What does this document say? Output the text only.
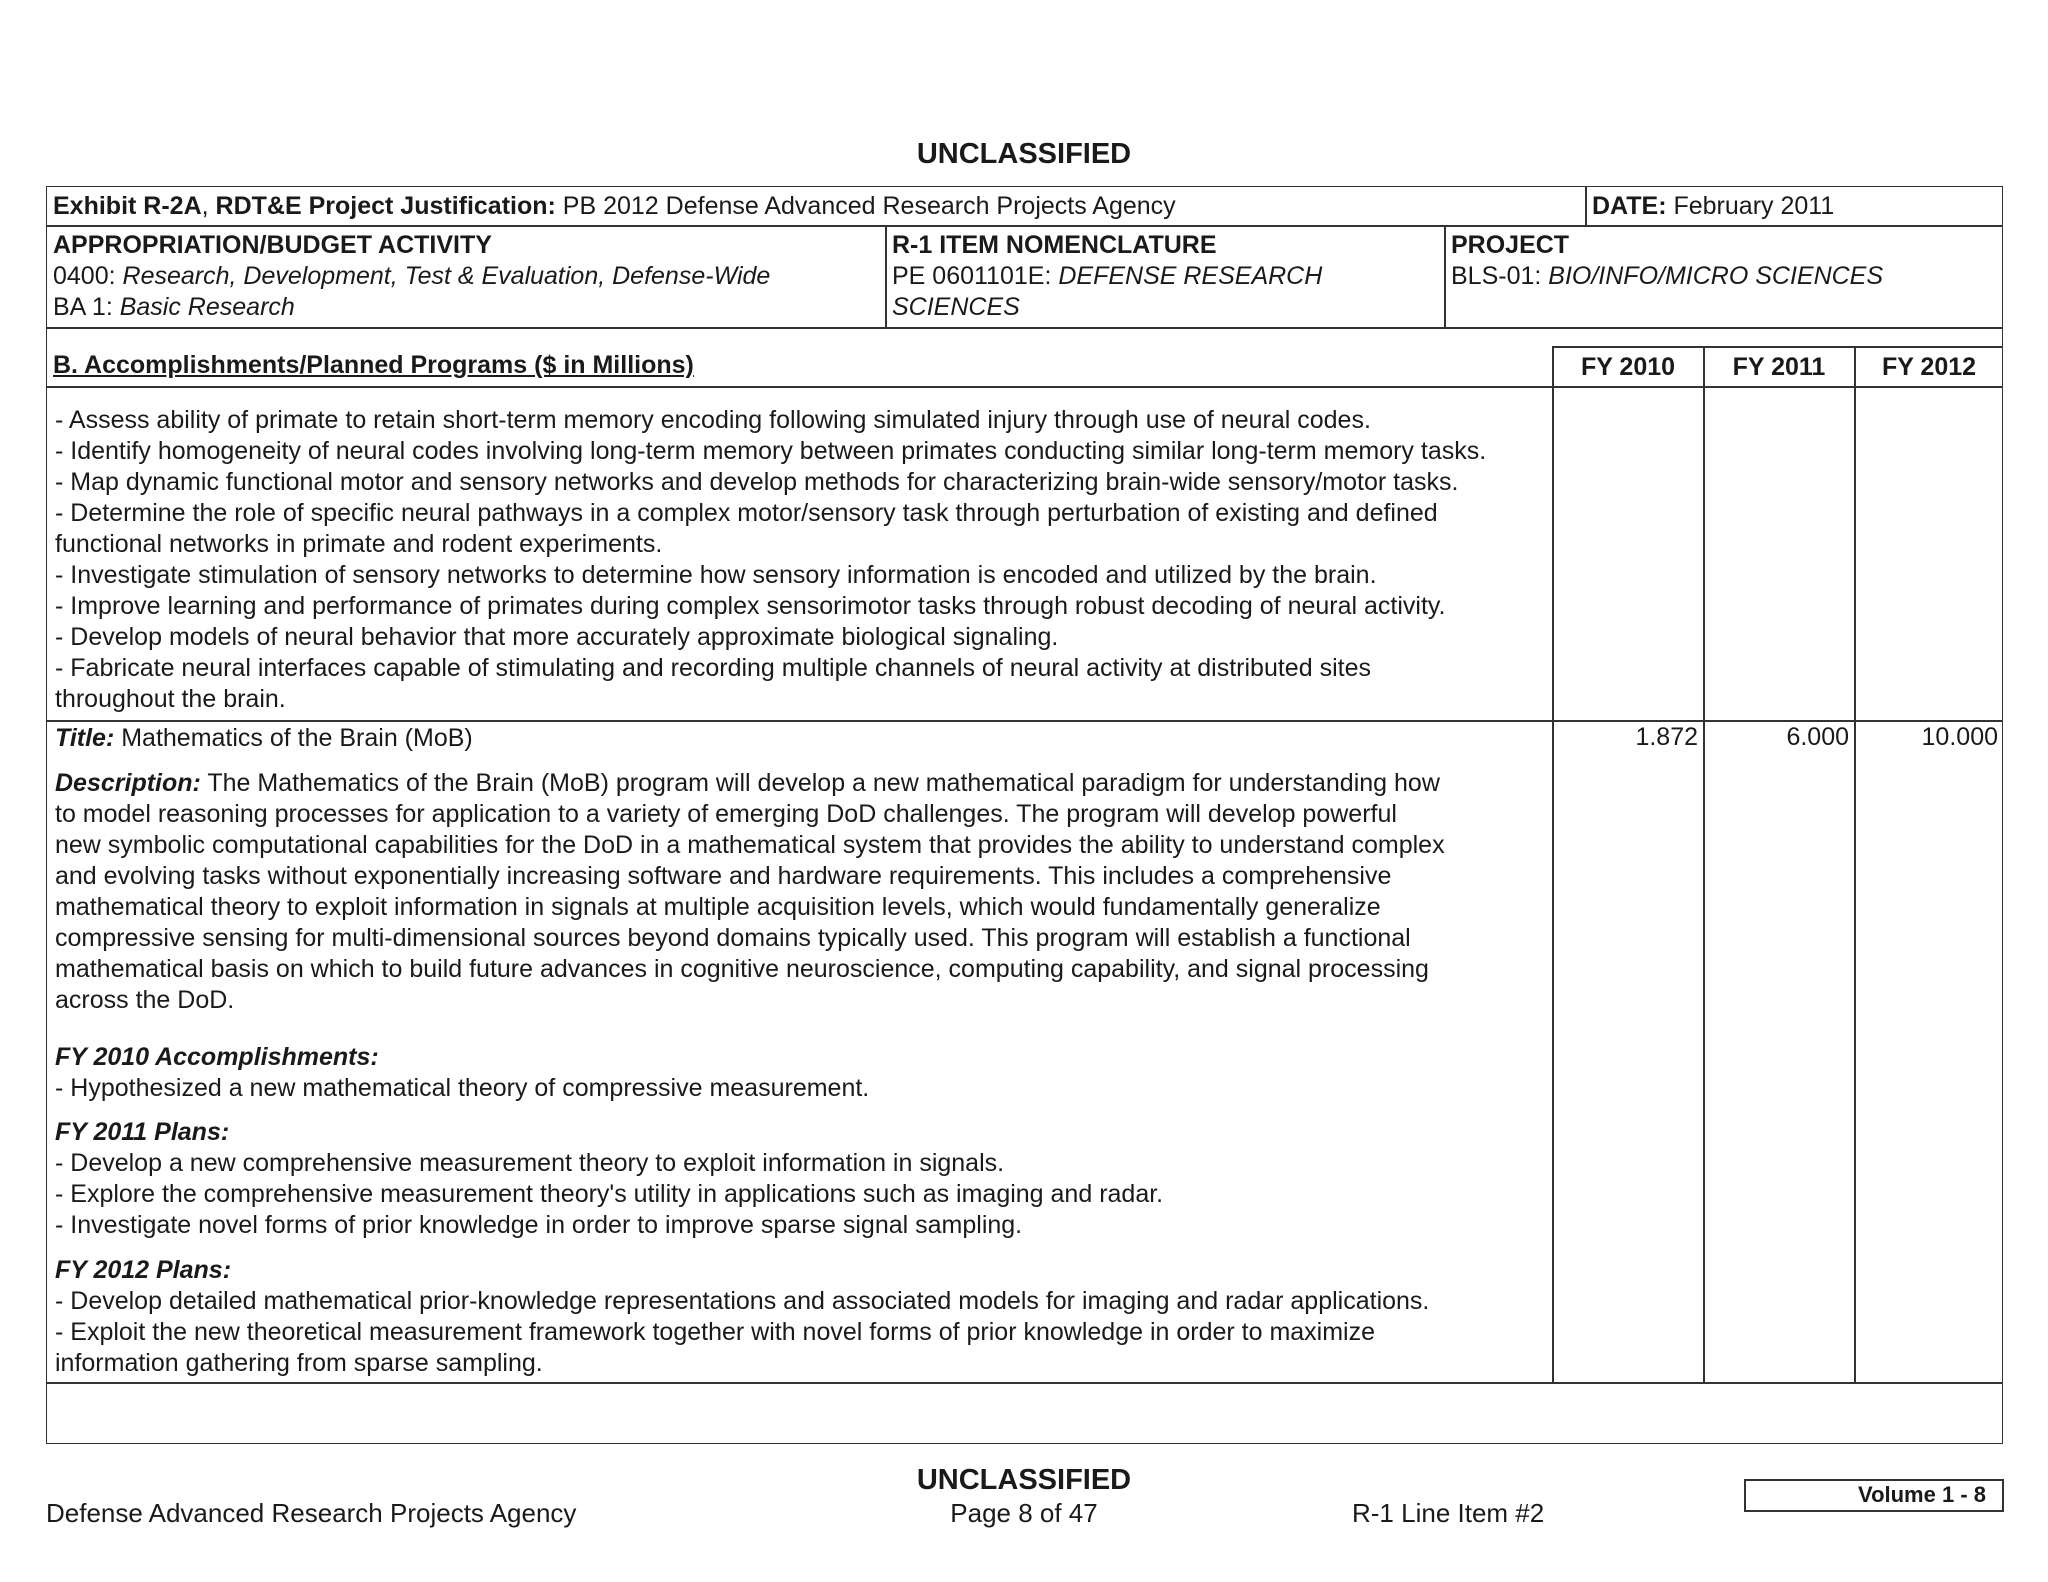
UNCLASSIFIED
Exhibit R-2A, RDT&E Project Justification: PB 2012 Defense Advanced Research Projects Agency	DATE: February 2011
APPROPRIATION/BUDGET ACTIVITY
0400: Research, Development, Test & Evaluation, Defense-Wide
BA 1: Basic Research
R-1 ITEM NOMENCLATURE
PE 0601101E: DEFENSE RESEARCH
SCIENCES
PROJECT
BLS-01: BIO/INFO/MICRO SCIENCES
B. Accomplishments/Planned Programs ($ in Millions)	FY 2010	FY 2011	FY 2012
- Assess ability of primate to retain short-term memory encoding following simulated injury through use of neural codes.
- Identify homogeneity of neural codes involving long-term memory between primates conducting similar long-term memory tasks.
- Map dynamic functional motor and sensory networks and develop methods for characterizing brain-wide sensory/motor tasks.
- Determine the role of specific neural pathways in a complex motor/sensory task through perturbation of existing and defined
functional networks in primate and rodent experiments.
- Investigate stimulation of sensory networks to determine how sensory information is encoded and utilized by the brain.
- Improve learning and performance of primates during complex sensorimotor tasks through robust decoding of neural activity.
- Develop models of neural behavior that more accurately approximate biological signaling.
- Fabricate neural interfaces capable of stimulating and recording multiple channels of neural activity at distributed sites
throughout the brain.
Title: Mathematics of the Brain (MoB)	1.872	6.000	10.000
Description: The Mathematics of the Brain (MoB) program will develop a new mathematical paradigm for understanding how
to model reasoning processes for application to a variety of emerging DoD challenges. The program will develop powerful
new symbolic computational capabilities for the DoD in a mathematical system that provides the ability to understand complex
and evolving tasks without exponentially increasing software and hardware requirements. This includes a comprehensive
mathematical theory to exploit information in signals at multiple acquisition levels, which would fundamentally generalize
compressive sensing for multi-dimensional sources beyond domains typically used. This program will establish a functional
mathematical basis on which to build future advances in cognitive neuroscience, computing capability, and signal processing
across the DoD.
FY 2010 Accomplishments:
- Hypothesized a new mathematical theory of compressive measurement.
FY 2011 Plans:
- Develop a new comprehensive measurement theory to exploit information in signals.
- Explore the comprehensive measurement theory's utility in applications such as imaging and radar.
- Investigate novel forms of prior knowledge in order to improve sparse signal sampling.
FY 2012 Plans:
- Develop detailed mathematical prior-knowledge representations and associated models for imaging and radar applications.
- Exploit the new theoretical measurement framework together with novel forms of prior knowledge in order to maximize
information gathering from sparse sampling.
UNCLASSIFIED
Defense Advanced Research Projects Agency	Page 8 of 47	R-1 Line Item #2
Volume 1 - 8
